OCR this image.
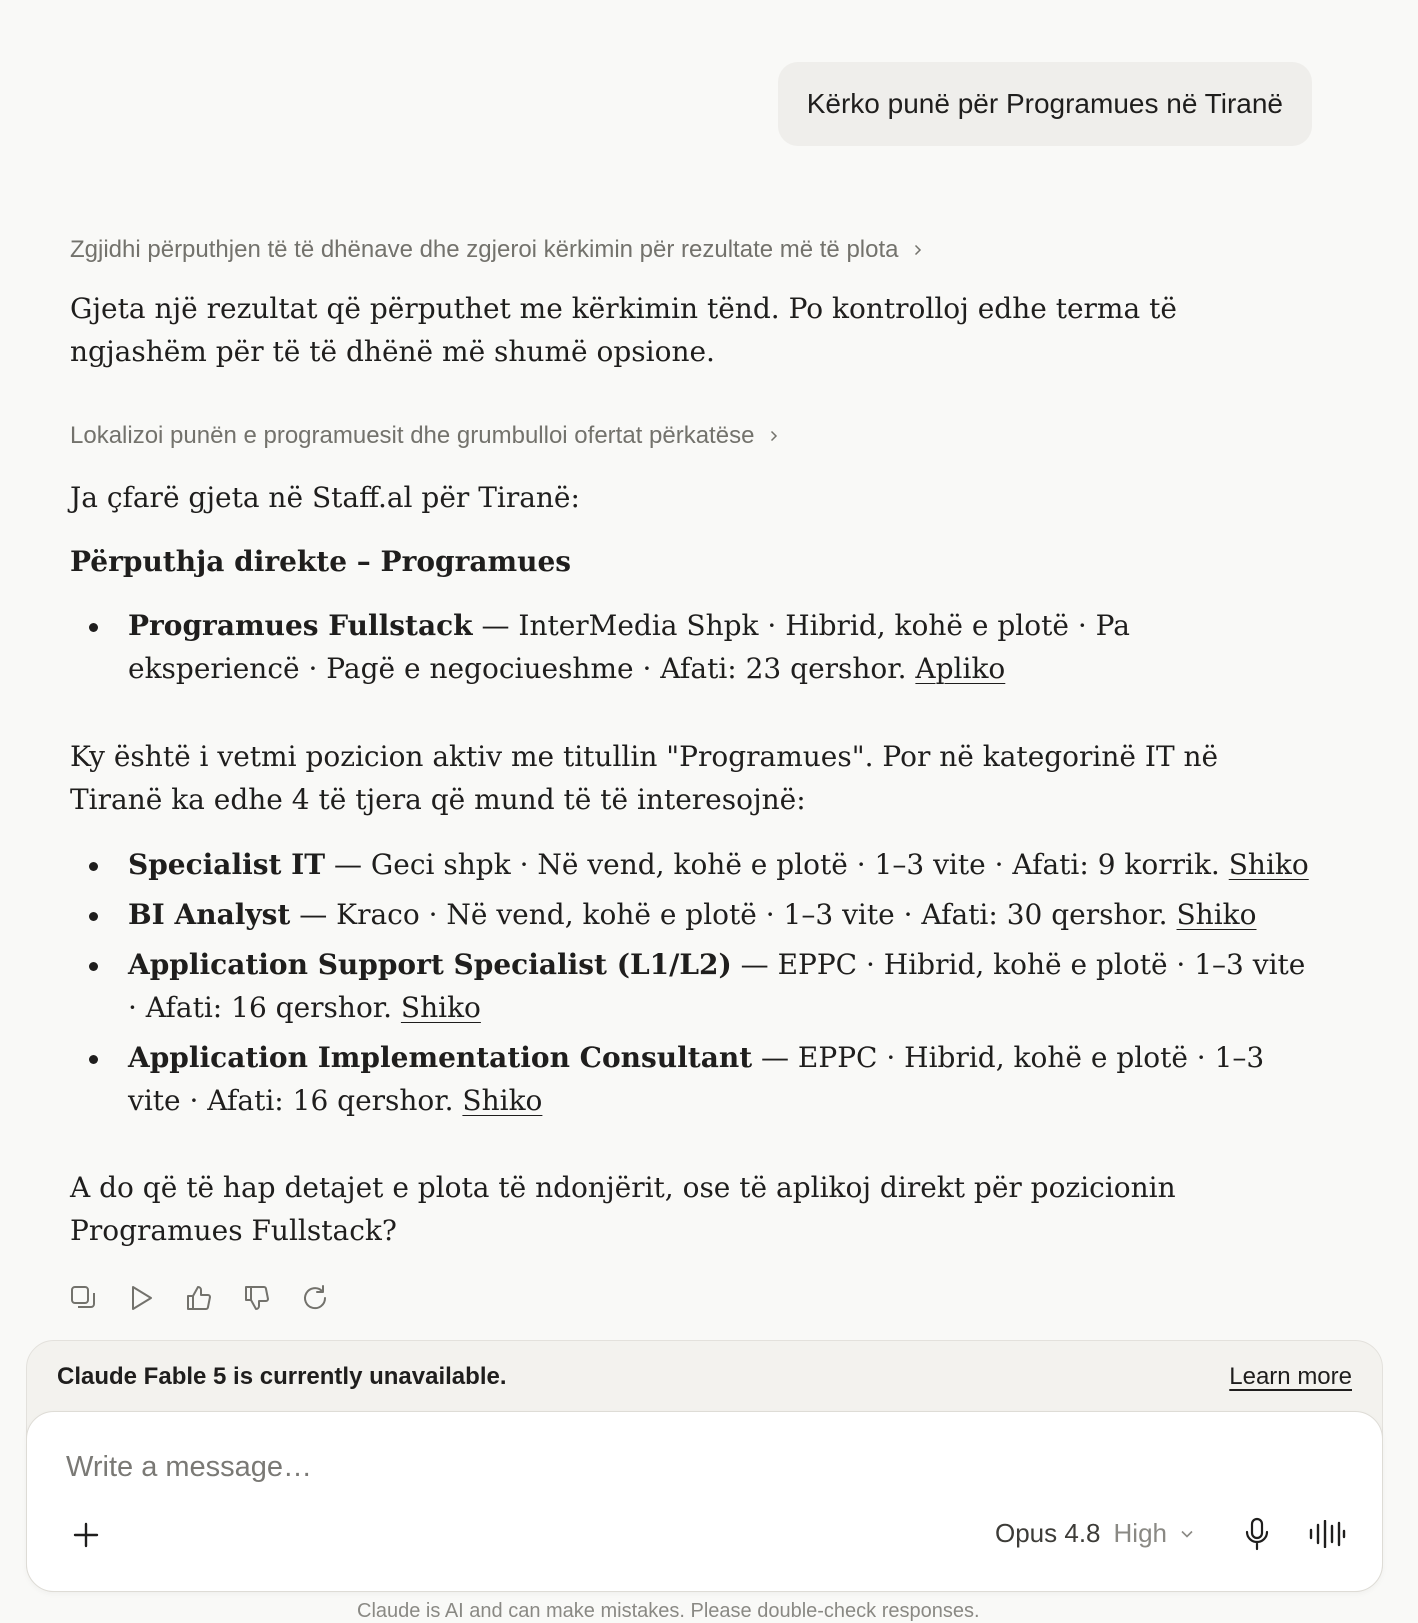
Kërko punë për Programues në Tiranë
Zgjidhi përputhjen të të dhënave dhe zgjeroi kërkimin për rezultate më të plota

Gjeta një rezultat që përputhet me kërkimin tënd. Po kontrolloj edhe terma të ngjashëm për të të dhënë më shumë opsione.

Lokalizoi punën e programuesit dhe grumbulloi ofertat përkatëse

Ja çfarë gjeta në Staff.al për Tiranë:

Përputhja direkte – Programues

Programues Fullstack — InterMedia Shpk · Hibrid, kohë e plotë · Pa eksperiencë · Pagë e negociueshme · Afati: 23 qershor. Apliko

Ky është i vetmi pozicion aktiv me titullin "Programues". Por në kategorinë IT në Tiranë ka edhe 4 të tjera që mund të të interesojnë:

Specialist IT — Geci shpk · Në vend, kohë e plotë · 1–3 vite · Afati: 9 korrik. Shiko
BI Analyst — Kraco · Në vend, kohë e plotë · 1–3 vite · Afati: 30 qershor. Shiko
Application Support Specialist (L1/L2) — EPPC · Hibrid, kohë e plotë · 1–3 vite · Afati: 16 qershor. Shiko
Application Implementation Consultant — EPPC · Hibrid, kohë e plotë · 1–3 vite · Afati: 16 qershor. Shiko

A do që të hap detajet e plota të ndonjërit, ose të aplikoj direkt për pozicionin Programues Fullstack?

Claude Fable 5 is currently unavailable.	Learn more
Write a message…
Opus 4.8 High
Claude is AI and can make mistakes. Please double-check responses.
